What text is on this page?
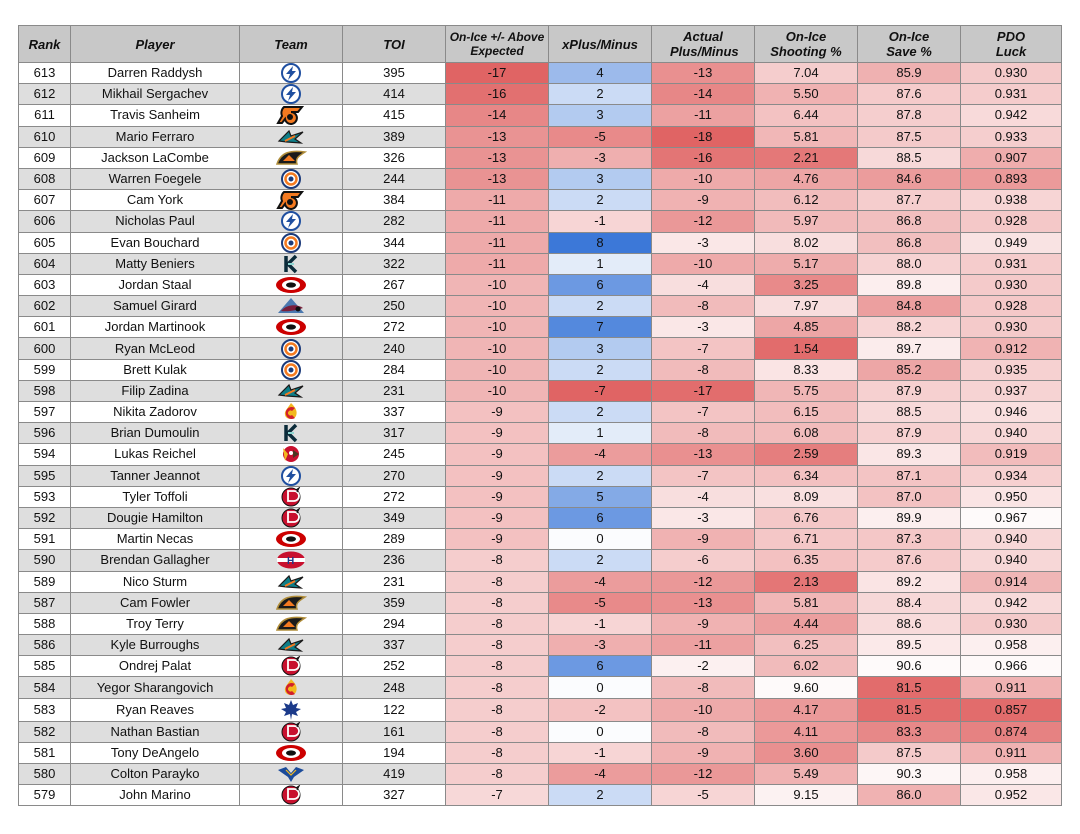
Rank	Player	Team	TOI	On-Ice +/- Above Expected	xPlus/Minus	Actual Plus/Minus	On-Ice Shooting %	On-Ice Save %	PDO Luck
613	Darren Raddysh		395	-17	4	-13	7.04	85.9	0.930
612	Mikhail Sergachev		414	-16	2	-14	5.50	87.6	0.931
611	Travis Sanheim		415	-14	3	-11	6.44	87.8	0.942
610	Mario Ferraro		389	-13	-5	-18	5.81	87.5	0.933
609	Jackson LaCombe		326	-13	-3	-16	2.21	88.5	0.907
608	Warren Foegele		244	-13	3	-10	4.76	84.6	0.893
607	Cam York		384	-11	2	-9	6.12	87.7	0.938
606	Nicholas Paul		282	-11	-1	-12	5.97	86.8	0.928
605	Evan Bouchard		344	-11	8	-3	8.02	86.8	0.949
604	Matty Beniers		322	-11	1	-10	5.17	88.0	0.931
603	Jordan Staal		267	-10	6	-4	3.25	89.8	0.930
602	Samuel Girard		250	-10	2	-8	7.97	84.8	0.928
601	Jordan Martinook		272	-10	7	-3	4.85	88.2	0.930
600	Ryan McLeod		240	-10	3	-7	1.54	89.7	0.912
599	Brett Kulak		284	-10	2	-8	8.33	85.2	0.935
598	Filip Zadina		231	-10	-7	-17	5.75	87.9	0.937
597	Nikita Zadorov		337	-9	2	-7	6.15	88.5	0.946
596	Brian Dumoulin		317	-9	1	-8	6.08	87.9	0.940
594	Lukas Reichel		245	-9	-4	-13	2.59	89.3	0.919
595	Tanner Jeannot		270	-9	2	-7	6.34	87.1	0.934
593	Tyler Toffoli		272	-9	5	-4	8.09	87.0	0.950
592	Dougie Hamilton		349	-9	6	-3	6.76	89.9	0.967
591	Martin Necas		289	-9	0	-9	6.71	87.3	0.940
590	Brendan Gallagher	H	236	-8	2	-6	6.35	87.6	0.940
589	Nico Sturm		231	-8	-4	-12	2.13	89.2	0.914
587	Cam Fowler		359	-8	-5	-13	5.81	88.4	0.942
588	Troy Terry		294	-8	-1	-9	4.44	88.6	0.930
586	Kyle Burroughs		337	-8	-3	-11	6.25	89.5	0.958
585	Ondrej Palat		252	-8	6	-2	6.02	90.6	0.966
584	Yegor Sharangovich		248	-8	0	-8	9.60	81.5	0.911
583	Ryan Reaves		122	-8	-2	-10	4.17	81.5	0.857
582	Nathan Bastian		161	-8	0	-8	4.11	83.3	0.874
581	Tony DeAngelo		194	-8	-1	-9	3.60	87.5	0.911
580	Colton Parayko		419	-8	-4	-12	5.49	90.3	0.958
579	John Marino		327	-7	2	-5	9.15	86.0	0.952
